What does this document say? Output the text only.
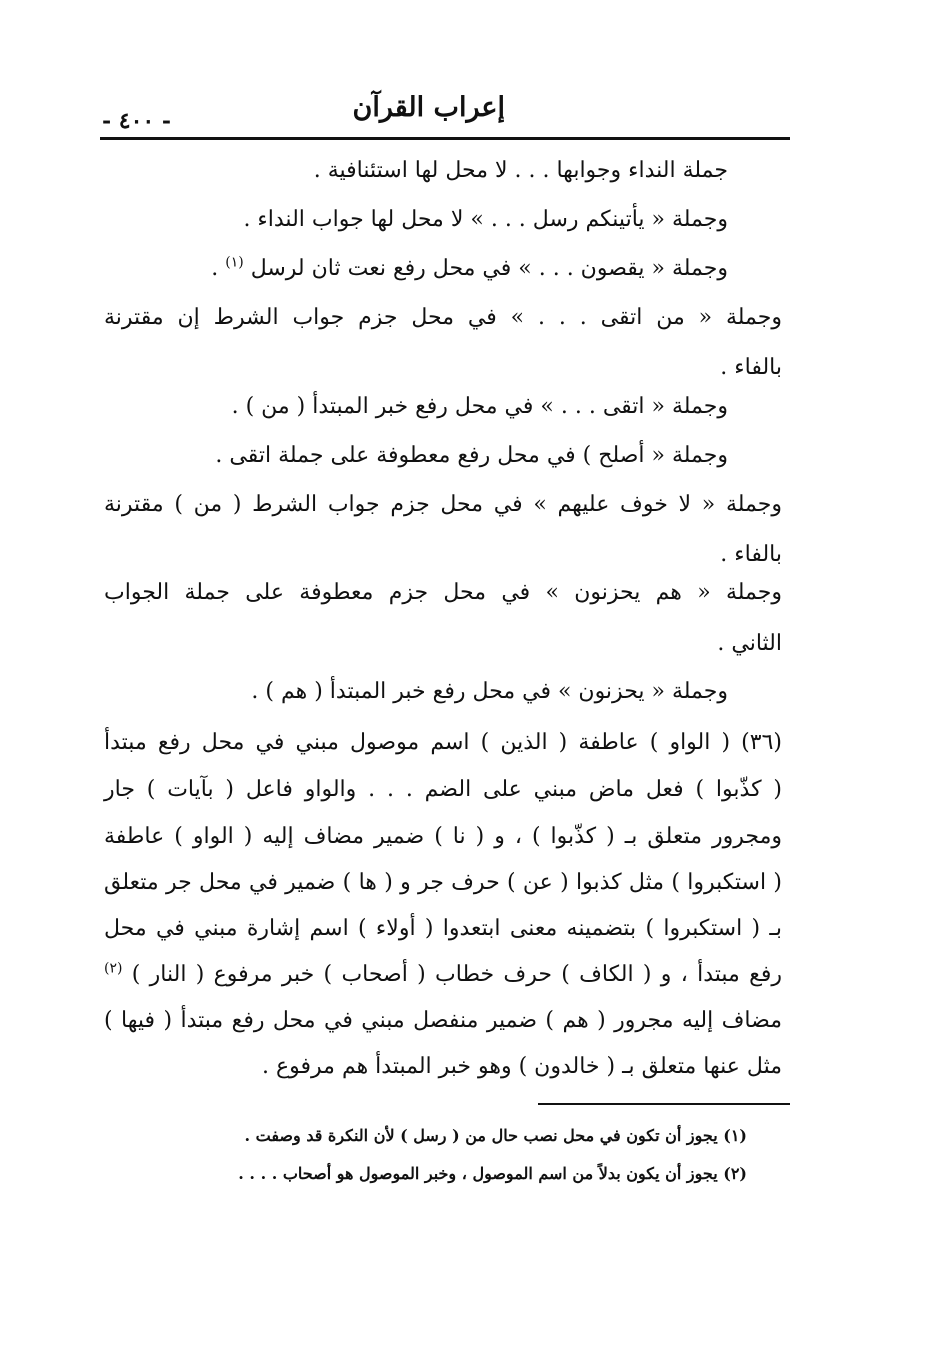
إعراب القرآن
- ٤٠٠ -
جملة النداء وجوابها . . . لا محل لها استئنافية .
وجملة « يأتينكم رسل . . . » لا محل لها جواب النداء .
وجملة « يقصون . . . » في محل رفع نعت ثان لرسل $^{(١)}$ .
وجملة « من اتقى . . . » في محل جزم جواب الشرط إن مقترنة
بالفاء .
وجملة « اتقى . . . » في محل رفع خبر المبتدأ ( من ) .
وجملة « أصلح ) في محل رفع معطوفة على جملة اتقى .
وجملة « لا خوف عليهم » في محل جزم جواب الشرط ( من ) مقترنة
بالفاء .
وجملة « هم يحزنون » في محل جزم معطوفة على جملة الجواب
الثاني .
وجملة « يحزنون » في محل رفع خبر المبتدأ ( هم ) .
(٣٦) ( الواو ) عاطفة ( الذين ) اسم موصول مبني في محل رفع مبتدأ
( كذّبوا ) فعل ماض مبني على الضم . . . والواو فاعل ( بآيات ) جار
ومجرور متعلق بـ ( كذّبوا ) ، و ( نا ) ضمير مضاف إليه ( الواو ) عاطفة
( استكبروا ) مثل كذبوا ( عن ) حرف جر و ( ها ) ضمير في محل جر متعلق
بـ ( استكبروا ) بتضمينه معنى ابتعدوا ( أولاء ) اسم إشارة مبني في محل
رفع مبتدأ ، و ( الكاف ) حرف خطاب ( أصحاب ) خبر مرفوع ( النار ) $^{(٢)}$
مضاف إليه مجرور ( هم ) ضمير منفصل مبني في محل رفع مبتدأ ( فيها )
مثل عنها متعلق بـ ( خالدون ) وهو خبر المبتدأ هم مرفوع .
(١) يجوز أن تكون في محل نصب حال من ( رسل ) لأن النكرة قد وصفت .
(٢) يجوز أن يكون بدلاً من اسم الموصول ، وخبر الموصول هو أصحاب . . . .
